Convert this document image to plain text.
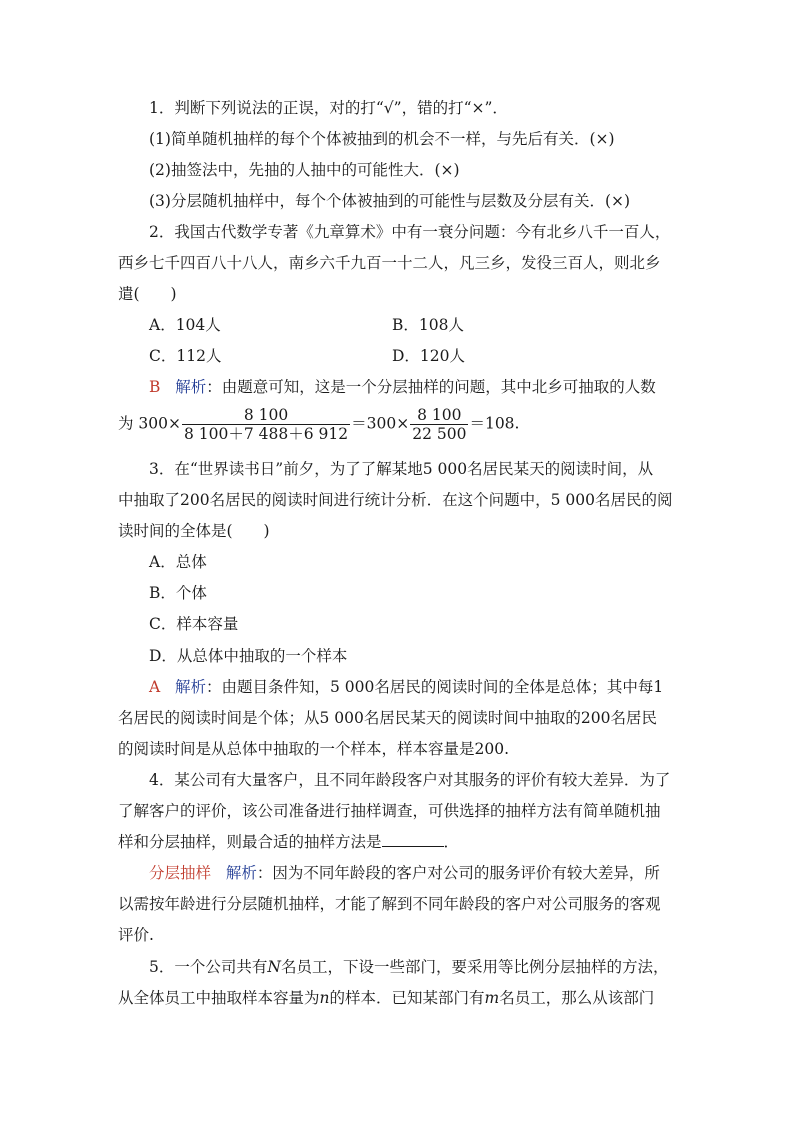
1．判断下列说法的正误，对的打“√”，错的打“×”．
(1)简单随机抽样的每个个体被抽到的机会不一样，与先后有关．(×)
(2)抽签法中，先抽的人抽中的可能性大．(×)
(3)分层随机抽样中，每个个体被抽到的可能性与层数及分层有关．(×)
2．我国古代数学专著《九章算术》中有一衰分问题：今有北乡八千一百人，
西乡七千四百八十八人，南乡六千九百一十二人，凡三乡，发役三百人，则北乡
遣(　　)
A．104人	B．108人
C．112人	D．120人
B 解析：由题意可知，这是一个分层抽样的问题，其中北乡可抽取的人数
为 $300\times \frac{8 100}{8 100+7 488+6 912} =300\times \frac{8 100}{22 500} =108$.
3．在“世界读书日”前夕，为了了解某地5 000名居民某天的阅读时间，从
中抽取了200名居民的阅读时间进行统计分析．在这个问题中，5 000名居民的阅
读时间的全体是(　　)
A．总体
B．个体
C．样本容量
D．从总体中抽取的一个样本
A 解析：由题目条件知，5 000名居民的阅读时间的全体是总体；其中每1
名居民的阅读时间是个体；从5 000名居民某天的阅读时间中抽取的200名居民
的阅读时间是从总体中抽取的一个样本，样本容量是200.
4．某公司有大量客户，且不同年龄段客户对其服务的评价有较大差异．为了
了解客户的评价，该公司准备进行抽样调查，可供选择的抽样方法有简单随机抽
样和分层抽样，则最合适的抽样方法是	．
分层抽样 解析：因为不同年龄段的客户对公司的服务评价有较大差异，所
以需按年龄进行分层随机抽样，才能了解到不同年龄段的客户对公司服务的客观
评价.
5．一个公司共有N名员工，下设一些部门，要采用等比例分层抽样的方法，
从全体员工中抽取样本容量为n的样本．已知某部门有m名员工，那么从该部门
